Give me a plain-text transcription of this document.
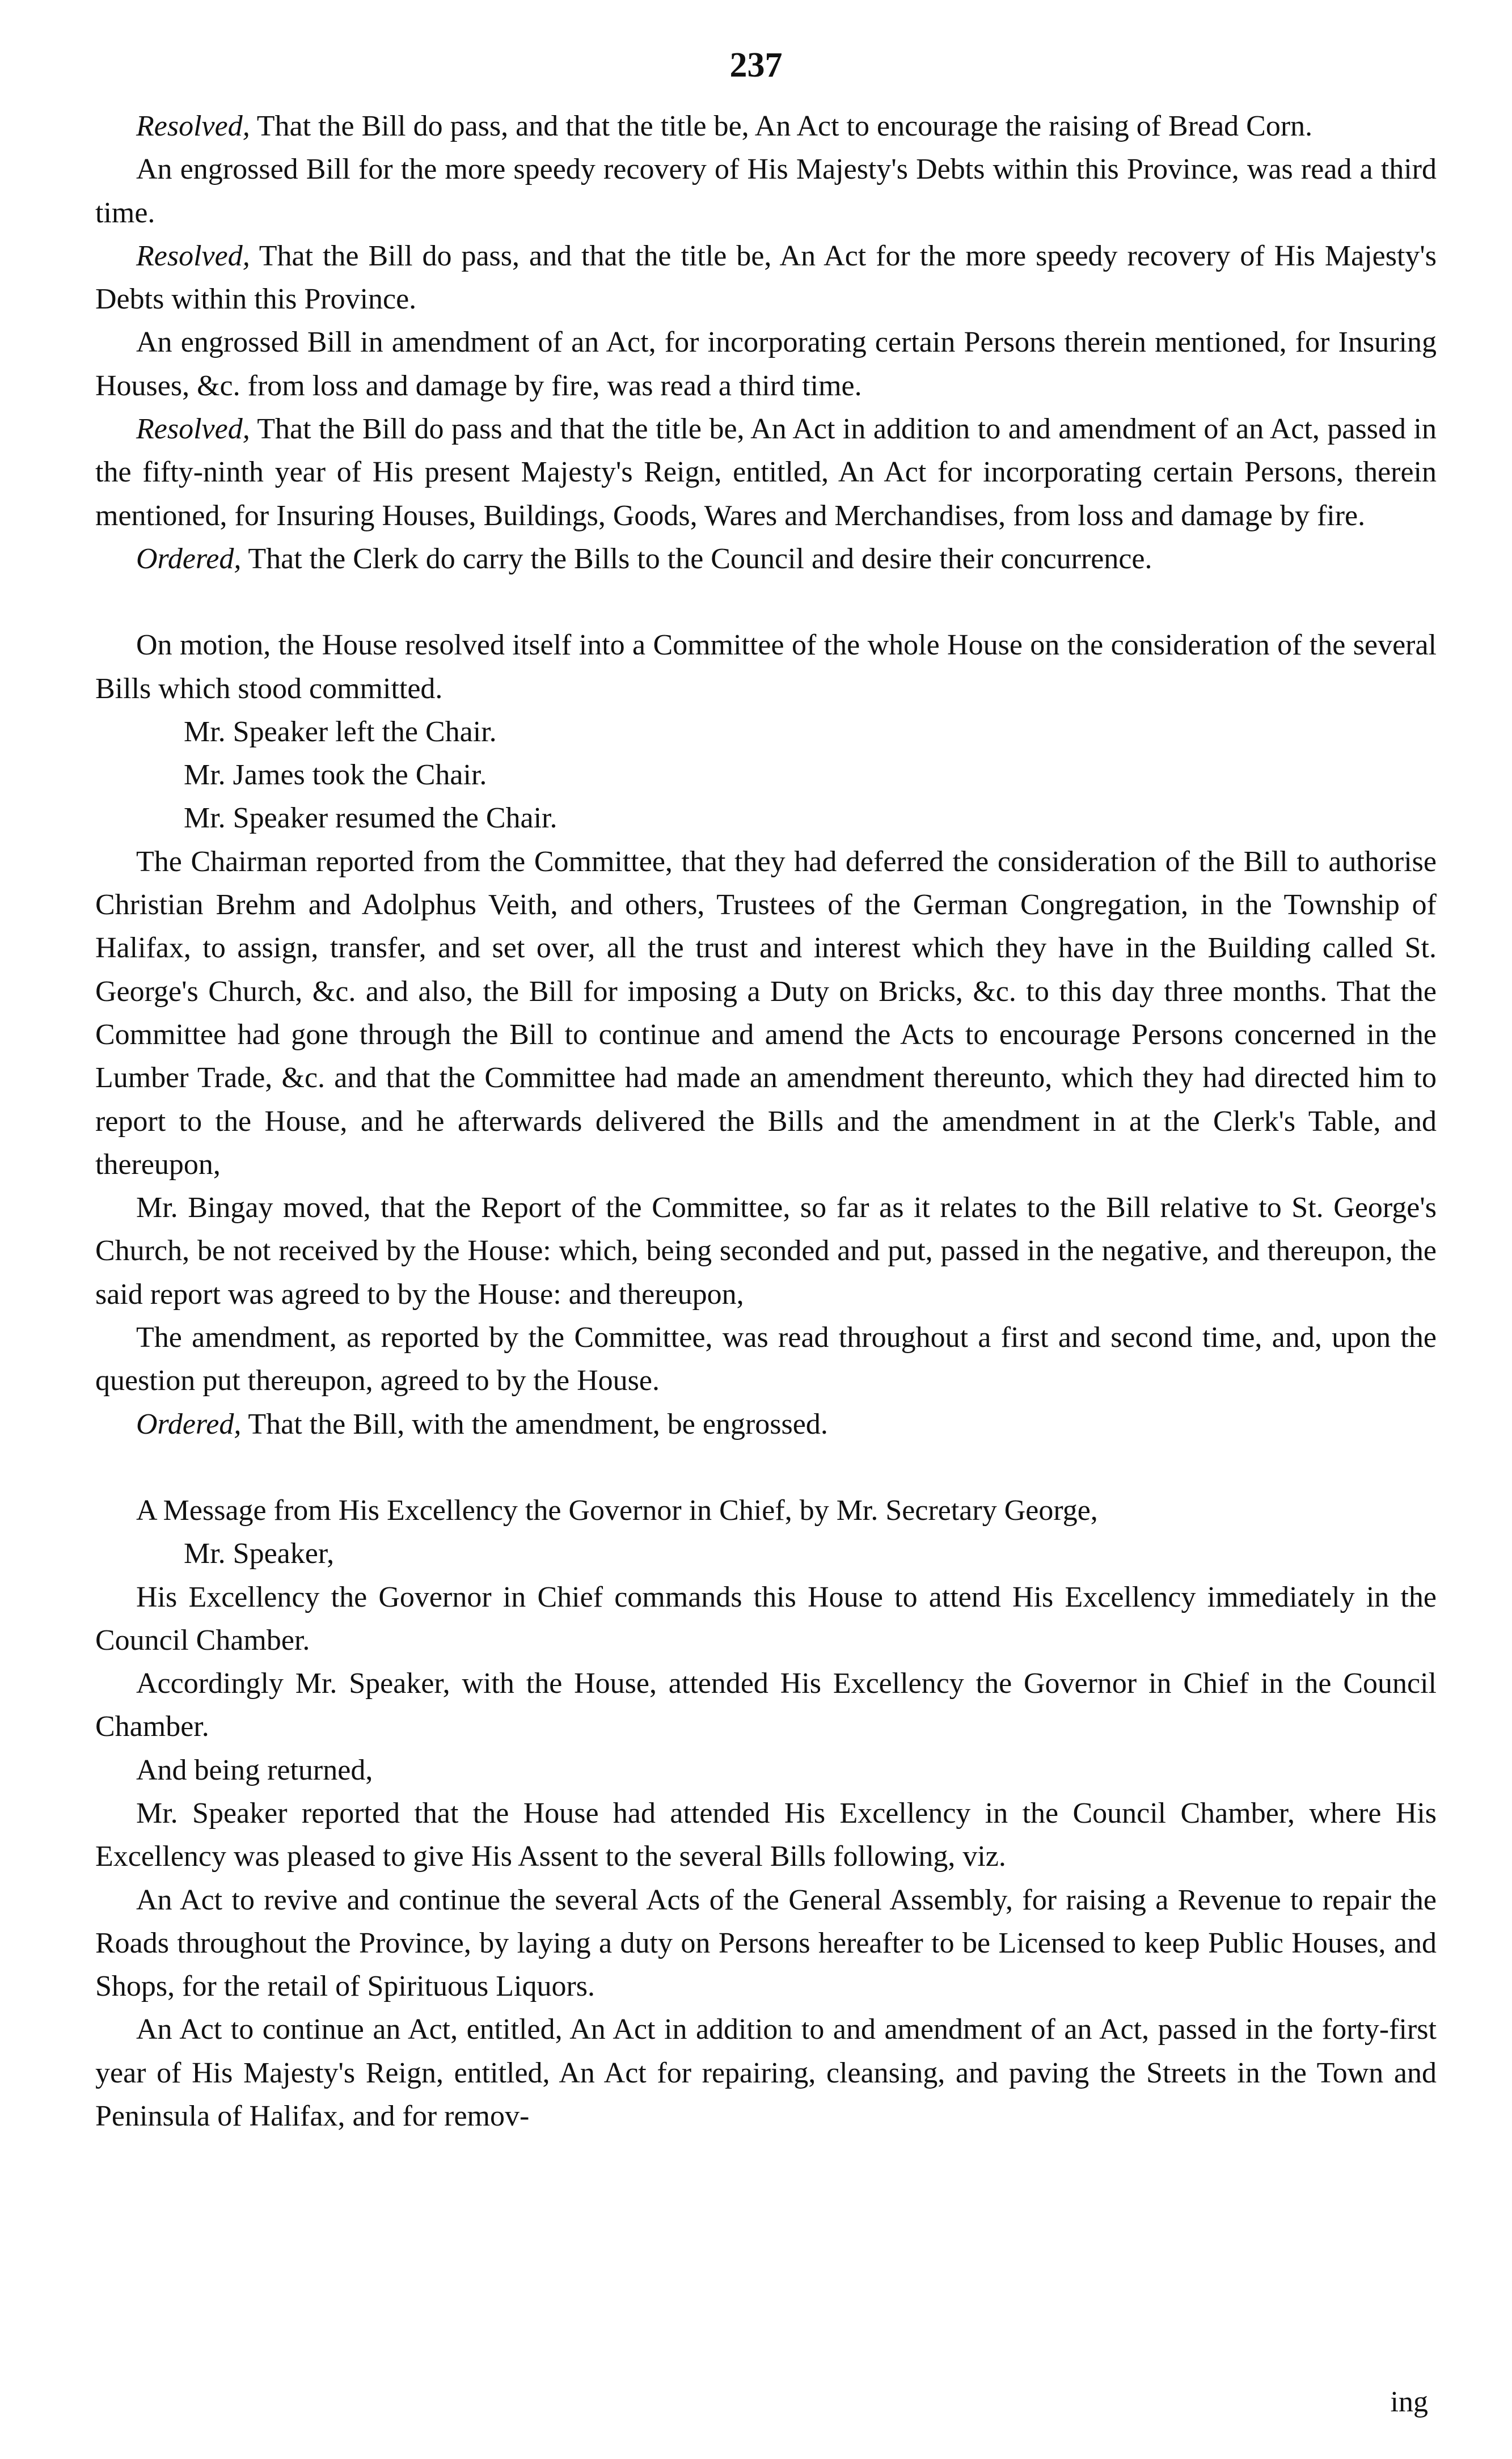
237

Resolved, That the Bill do pass, and that the title be, An Act to encourage the raising of Bread Corn.

An engrossed Bill for the more speedy recovery of His Majesty's Debts within this Province, was read a third time.

Resolved, That the Bill do pass, and that the title be, An Act for the more speedy recovery of His Majesty's Debts within this Province.

An engrossed Bill in amendment of an Act, for incorporating certain Persons therein mentioned, for Insuring Houses, &c. from loss and damage by fire, was read a third time.

Resolved, That the Bill do pass and that the title be, An Act in addition to and amendment of an Act, passed in the fifty-ninth year of His present Majesty's Reign, entitled, An Act for incorporating certain Persons, therein mentioned, for Insuring Houses, Buildings, Goods, Wares and Merchandises, from loss and damage by fire.

Ordered, That the Clerk do carry the Bills to the Council and desire their concurrence.

On motion, the House resolved itself into a Committee of the whole House on the consideration of the several Bills which stood committed.

Mr. Speaker left the Chair.

Mr. James took the Chair.

Mr. Speaker resumed the Chair.

The Chairman reported from the Committee, that they had deferred the consideration of the Bill to authorise Christian Brehm and Adolphus Veith, and others, Trustees of the German Congregation, in the Township of Halifax, to assign, transfer, and set over, all the trust and interest which they have in the Building called St. George's Church, &c. and also, the Bill for imposing a Duty on Bricks, &c. to this day three months. That the Committee had gone through the Bill to continue and amend the Acts to encourage Persons concerned in the Lumber Trade, &c. and that the Committee had made an amendment thereunto, which they had directed him to report to the House, and he afterwards delivered the Bills and the amendment in at the Clerk's Table, and thereupon,

Mr. Bingay moved, that the Report of the Committee, so far as it relates to the Bill relative to St. George's Church, be not received by the House: which, being seconded and put, passed in the negative, and thereupon, the said report was agreed to by the House: and thereupon,

The amendment, as reported by the Committee, was read throughout a first and second time, and, upon the question put thereupon, agreed to by the House.

Ordered, That the Bill, with the amendment, be engrossed.

A Message from His Excellency the Governor in Chief, by Mr. Secretary George,

Mr. Speaker,

His Excellency the Governor in Chief commands this House to attend His Excellency immediately in the Council Chamber.

Accordingly Mr. Speaker, with the House, attended His Excellency the Governor in Chief in the Council Chamber.

And being returned,

Mr. Speaker reported that the House had attended His Excellency in the Council Chamber, where His Excellency was pleased to give His Assent to the several Bills following, viz.

An Act to revive and continue the several Acts of the General Assembly, for raising a Revenue to repair the Roads throughout the Province, by laying a duty on Persons hereafter to be Licensed to keep Public Houses, and Shops, for the retail of Spirituous Liquors.

An Act to continue an Act, entitled, An Act in addition to and amendment of an Act, passed in the forty-first year of His Majesty's Reign, entitled, An Act for repairing, cleansing, and paving the Streets in the Town and Peninsula of Halifax, and for remov-

ing
